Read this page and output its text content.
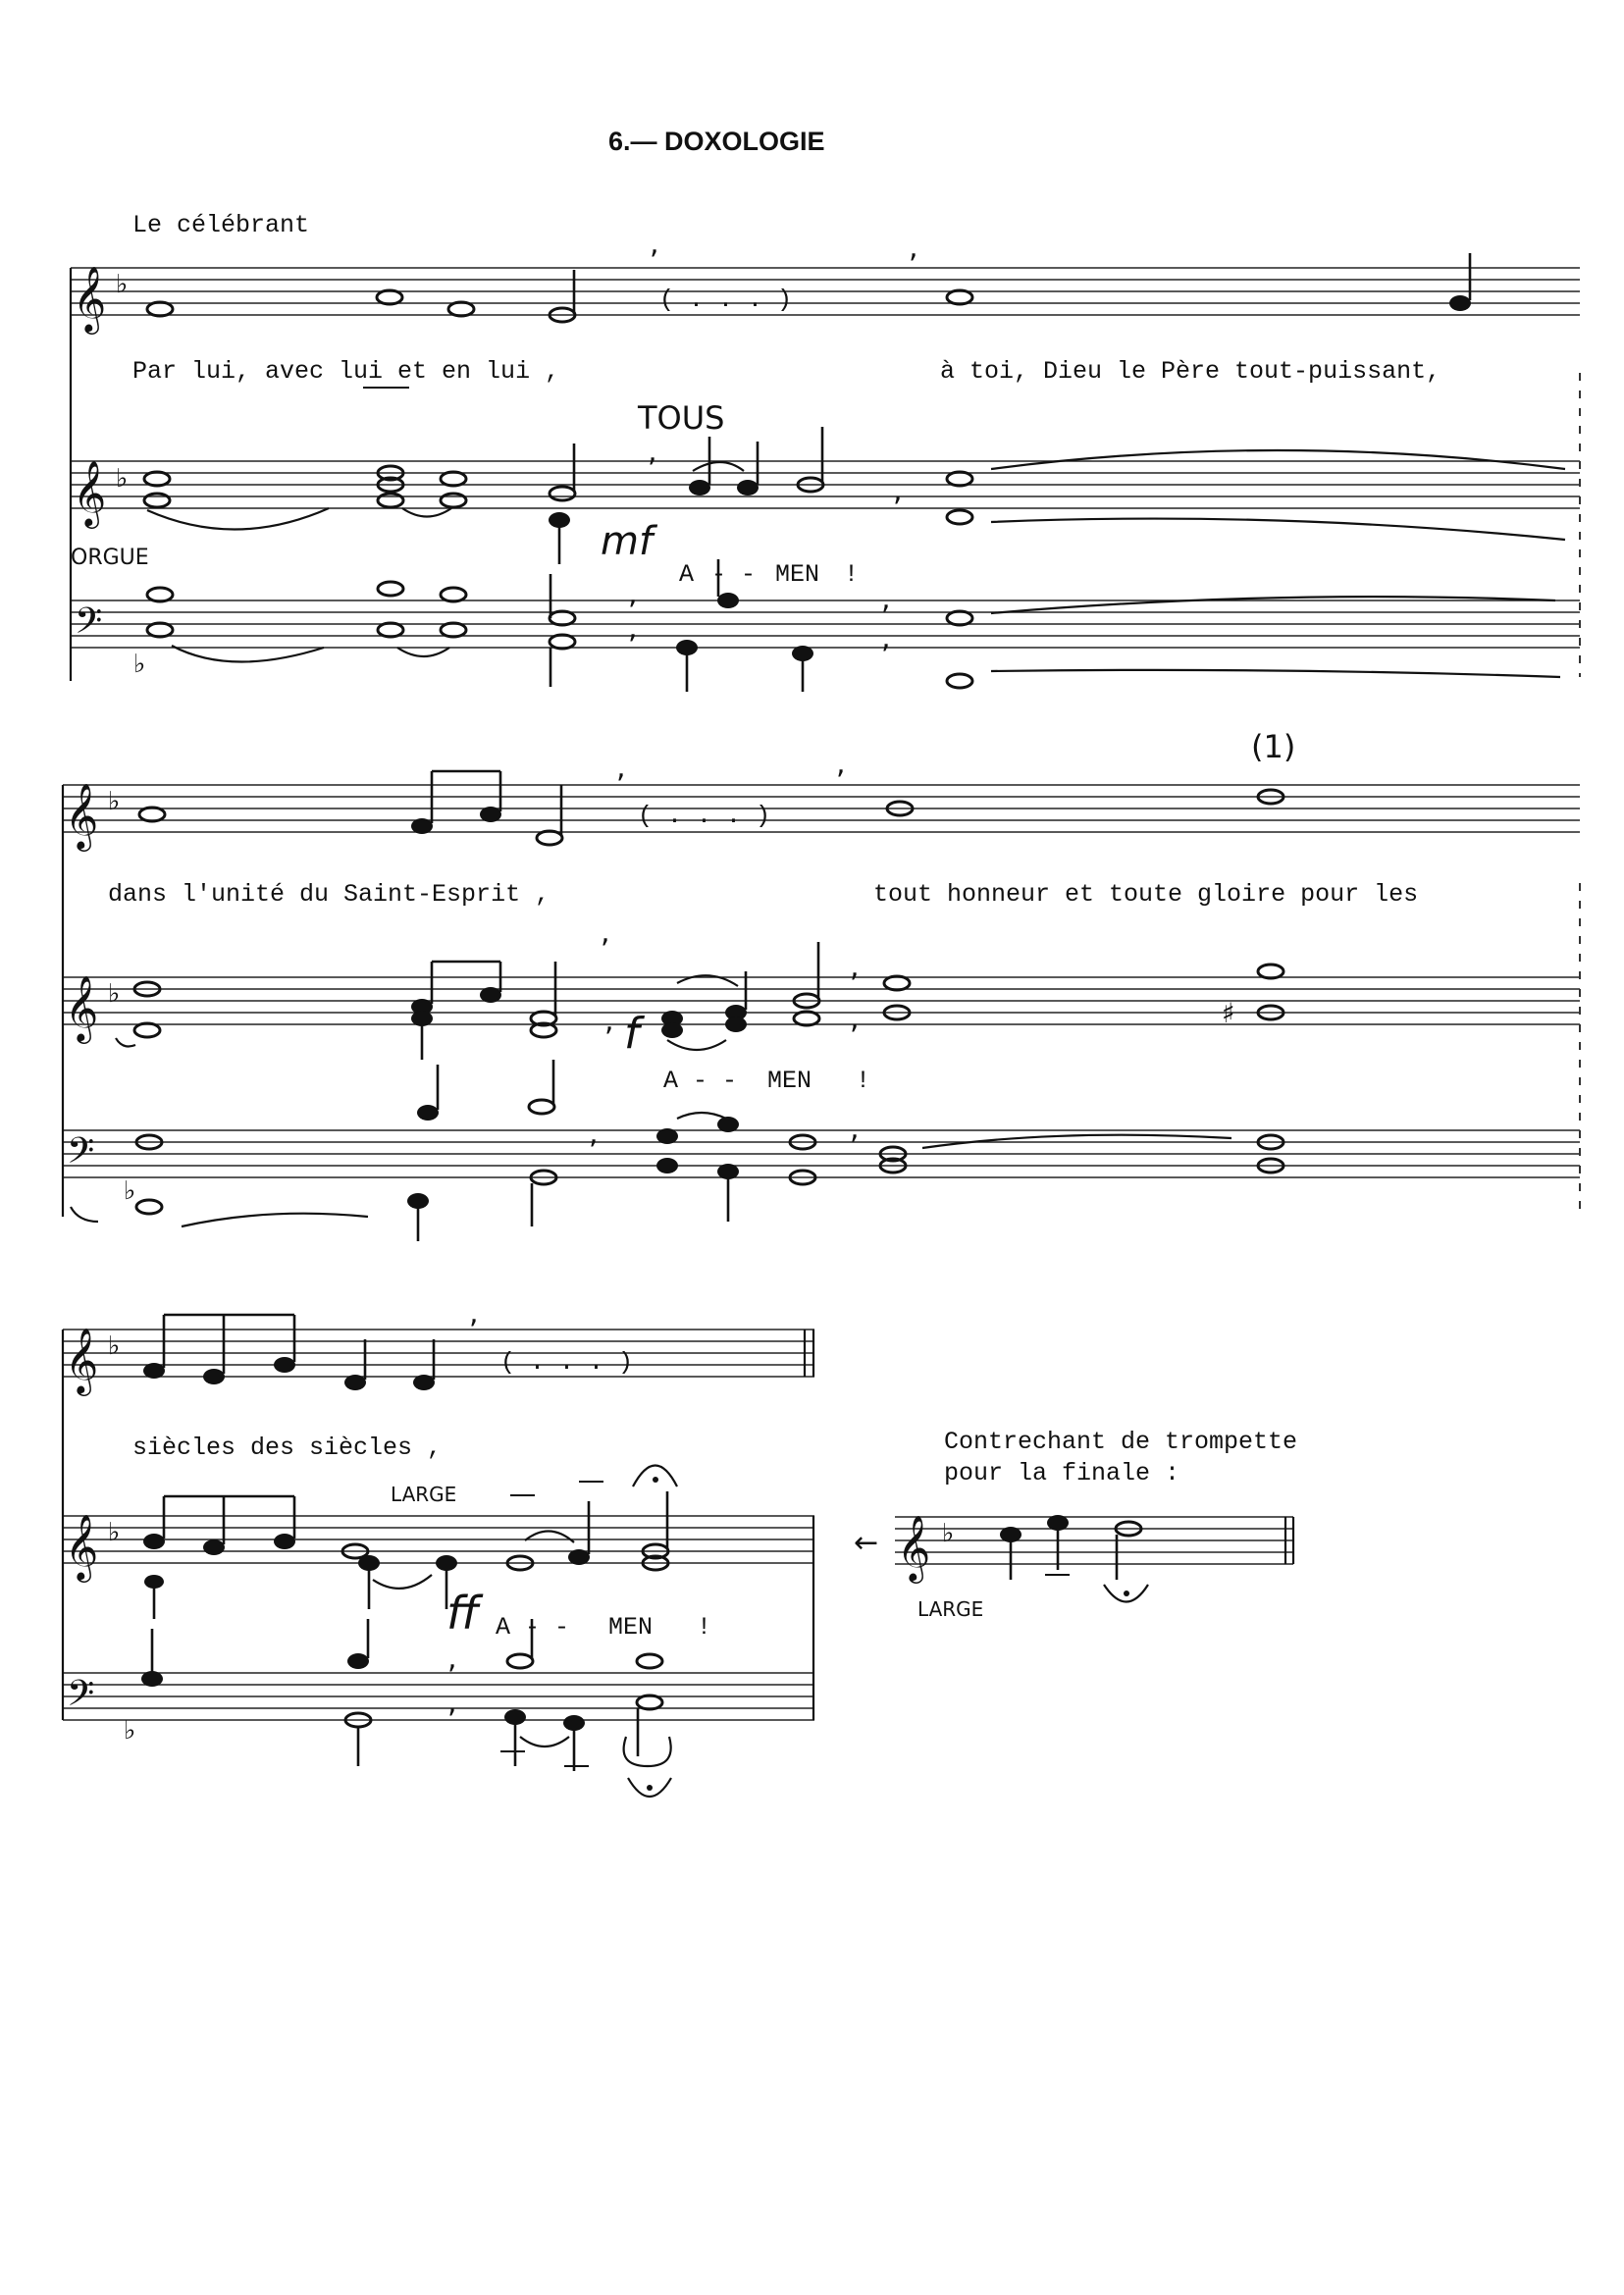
6.— DOXOLOGIE
Le célébrant
𝄞 ♭
( . . . )
,	,
Par lui, avec lui et en lui ,	à toi, Dieu le Père tout-puissant,
TOUS
𝄞 ♭
,
,
mf
ORGUE
A - - MEN !
𝄢
♭
,
,
,
,
(1)
𝄞 ♭	( . . . )
,	,
dans l'unité du Saint-Esprit ,	tout honneur et toute gloire pour les
𝄞 ♭
♯
,
,
,
,
f
A - - MEN !
𝄢
♭
,	,
𝄞 ♭
( . . . )
,
siècles des siècles ,
LARGE
𝄞 ♭
ff A - - MEN !
𝄢
♭
,
,
Contrechant de trompette
pour la finale :
← 𝄞 ♭
LARGE
